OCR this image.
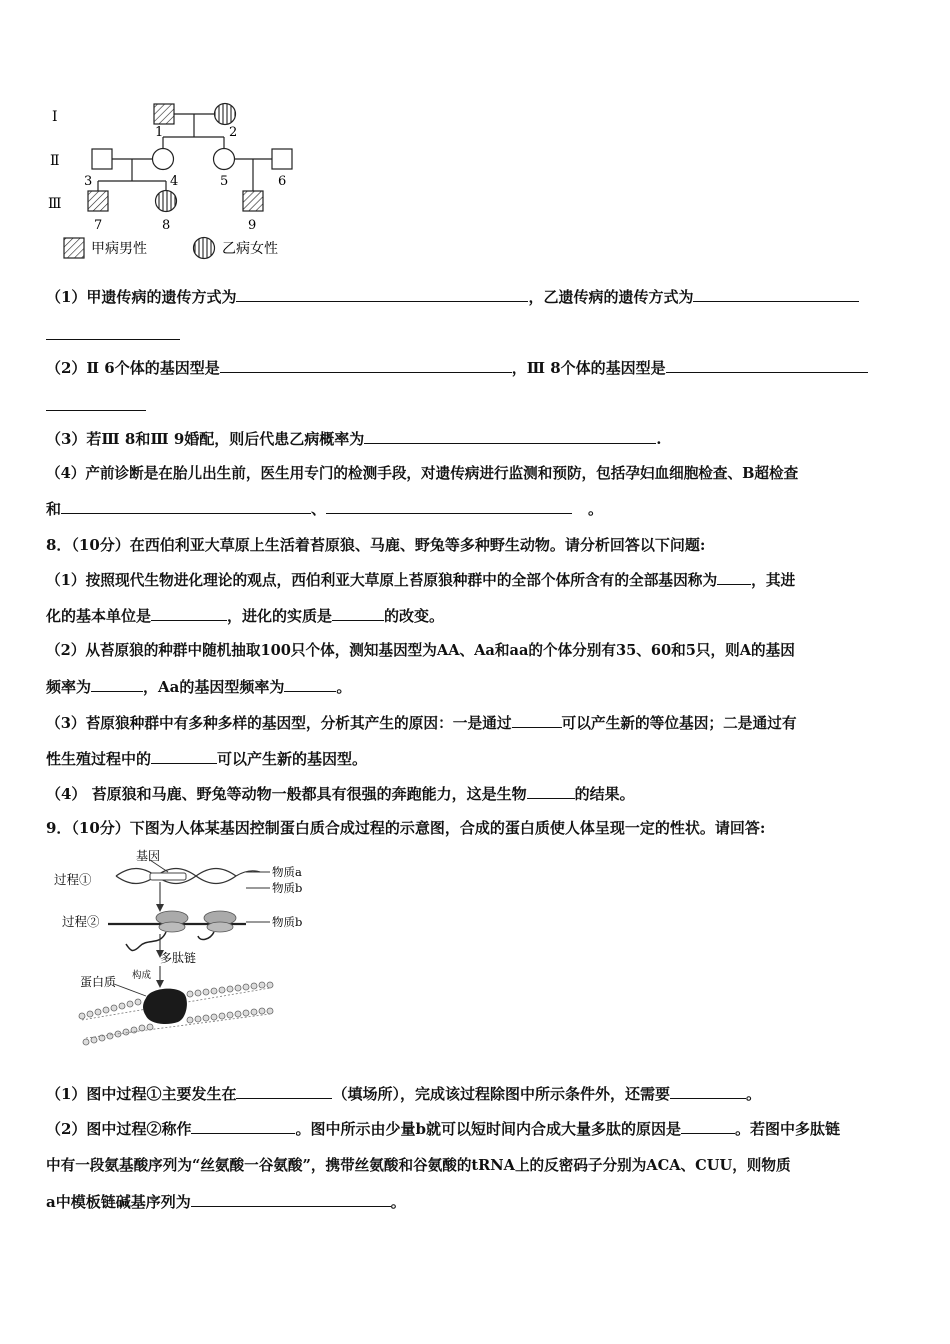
Ⅰ
Ⅱ
Ⅲ
1	2
3	4	5	6
7	8	9
甲病男性	乙病女性
（1）甲遗传病的遗传方式为	，乙遗传病的遗传方式为
（2）Ⅱ 6个体的基因型是	，Ⅲ 8个体的基因型是
（3）若Ⅲ 8和Ⅲ 9婚配，则后代患乙病概率为	.
（4）产前诊断是在胎儿出生前，医生用专门的检测手段，对遗传病进行监测和预防，包括孕妇血细胞检查、B超检查
和	、	。
8．（10分）在西伯利亚大草原上生活着苔原狼、马鹿、野兔等多种野生动物。请分析回答以下问题:
（1）按照现代生物进化理论的观点，西伯利亚大草原上苔原狼种群中的全部个体所含有的全部基因称为 ，其进
化的基本单位是	，进化的实质是	的改变。
（2）从苔原狼的种群中随机抽取100只个体，测知基因型为AA、Aa和aa的个体分别有35、60和5只，则A的基因
频率为	，Aa的基因型频率为	。
（3）苔原狼种群中有多种多样的基因型，分析其产生的原因：一是通过	可以产生新的等位基因；二是通过有
性生殖过程中的	可以产生新的基因型。
（4） 苔原狼和马鹿、野兔等动物一般都具有很强的奔跑能力，这是生物	的结果。
9．（10分）下图为人体某基因控制蛋白质合成过程的示意图，合成的蛋白质使人体呈现一定的性状。请回答:
基因
过程①
过程②
物质a
物质b
物质b
多肽链
构成
蛋白质
（1）图中过程①主要发生在	（填场所），完成该过程除图中所示条件外，还需要	。
（2）图中过程②称作	。图中所示由少量b就可以短时间内合成大量多肽的原因是	。若图中多肽链
中有一段氨基酸序列为“丝氨酸一谷氨酸”，携带丝氨酸和谷氨酸的tRNA上的反密码子分别为ACA、CUU，则物质
a中模板链碱基序列为	。
